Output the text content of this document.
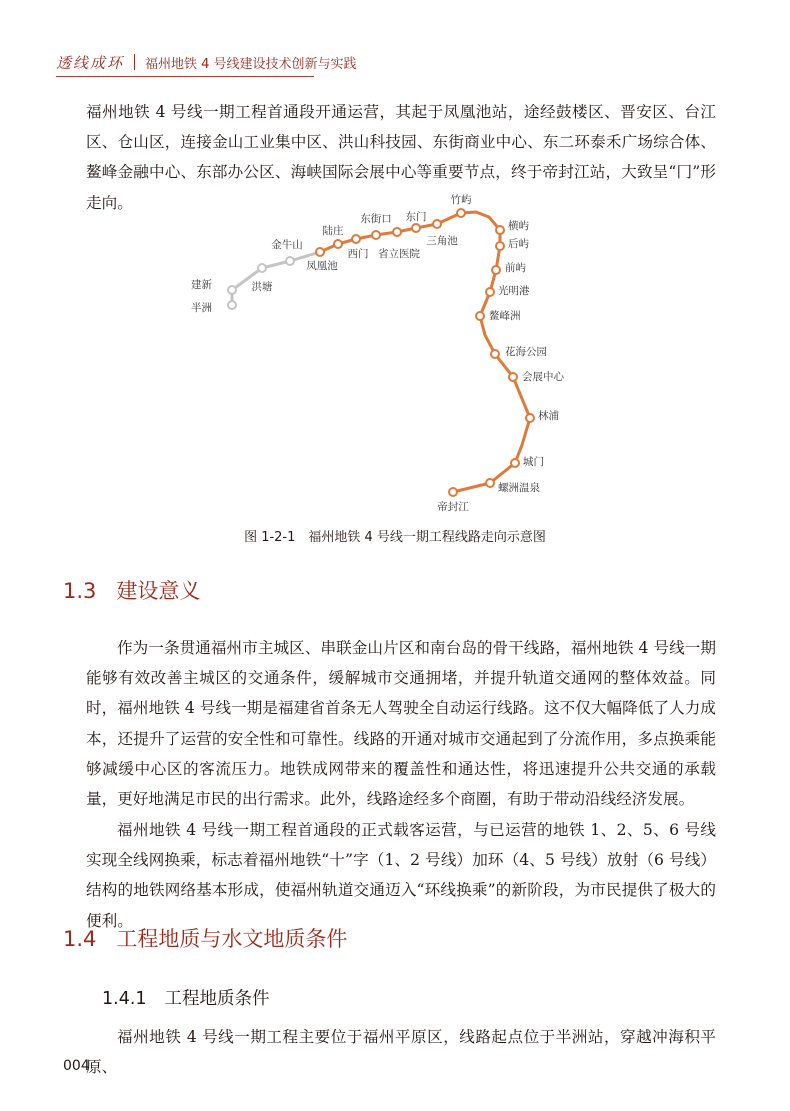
透线成环 福州地铁 4 号线建设技术创新与实践

福州地铁 4 号线一期工程首通段开通运营，其起于凤凰池站，途经鼓楼区、晋安区、台江区、仓山区，连接金山工业集中区、洪山科技园、东街商业中心、东二环泰禾广场综合体、鳌峰金融中心、东部办公区、海峡国际会展中心等重要节点，终于帝封江站，大致呈“冂”形走向。

半洲
建新	洪塘
金牛山
凤凰池
陆庄
西门
东街口
省立医院
东门
三角池
竹屿
横屿
后屿
前屿
光明港
鳌峰洲
花海公园
会展中心
林浦
城门
螺洲温泉
帝封江
图 1-2-1　福州地铁 4 号线一期工程线路走向示意图
1.3 建设意义

作为一条贯通福州市主城区、串联金山片区和南台岛的骨干线路，福州地铁 4 号线一期能够有效改善主城区的交通条件，缓解城市交通拥堵，并提升轨道交通网的整体效益。同时，福州地铁 4 号线一期是福建省首条无人驾驶全自动运行线路。这不仅大幅降低了人力成本，还提升了运营的安全性和可靠性。线路的开通对城市交通起到了分流作用，多点换乘能够减缓中心区的客流压力。地铁成网带来的覆盖性和通达性，将迅速提升公共交通的承载量，更好地满足市民的出行需求。此外，线路途经多个商圈，有助于带动沿线经济发展。

福州地铁 4 号线一期工程首通段的正式载客运营，与已运营的地铁 1、2、5、6 号线实现全线网换乘，标志着福州地铁“十”字（1、2 号线）加环（4、5 号线）放射（6 号线）结构的地铁网络基本形成，使福州轨道交通迈入“环线换乘”的新阶段，为市民提供了极大的便利。

1.4 工程地质与水文地质条件
1.4.1 工程地质条件

福州地铁 4 号线一期工程主要位于福州平原区，线路起点位于半洲站，穿越冲海积平原、

004
